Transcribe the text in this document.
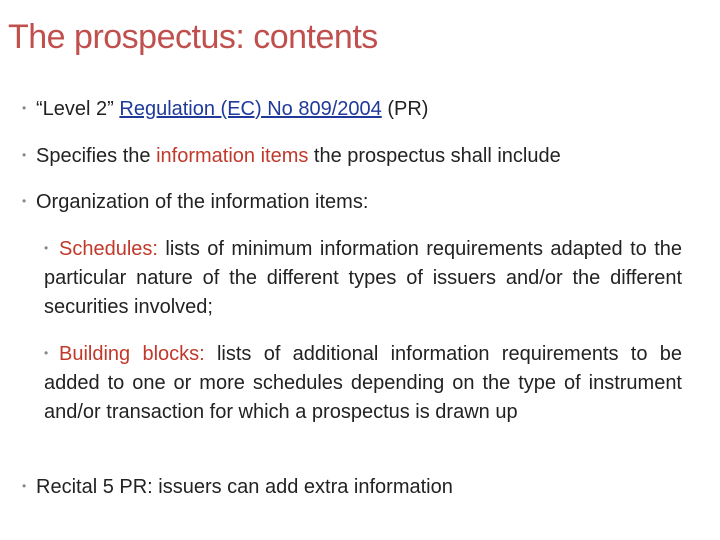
The prospectus: contents
• “Level 2” Regulation (EC) No 809/2004 (PR)
• Specifies the information items the prospectus shall include
• Organization of the information items:
• Schedules: lists of minimum information requirements adapted to the particular nature of the different types of issuers and/or the different securities involved;
• Building blocks: lists of additional information requirements to be added to one or more schedules depending on the type of instrument and/or transaction for which a prospectus is drawn up
• Recital 5 PR: issuers can add extra information
